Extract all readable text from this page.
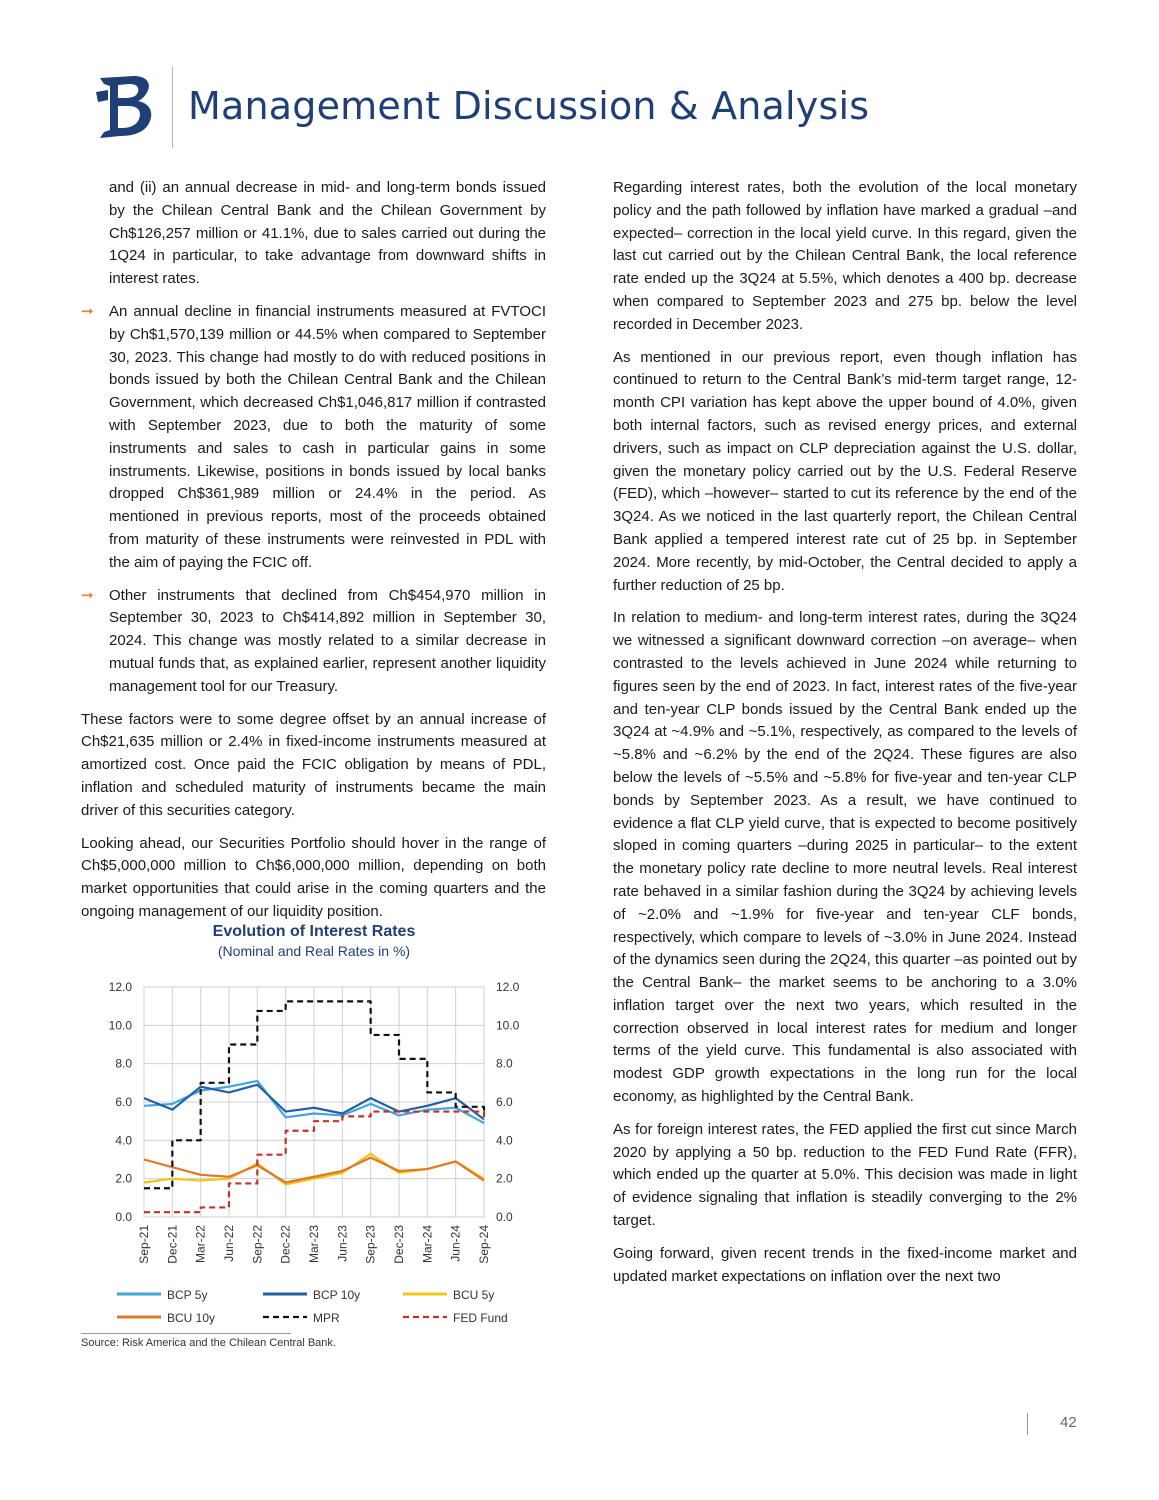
Management Discussion & Analysis

and (ii) an annual decrease in mid- and long-term bonds issued by the Chilean Central Bank and the Chilean Government by Ch$126,257 million or 41.1%, due to sales carried out during the 1Q24 in particular, to take advantage from downward shifts in interest rates.

➞ An annual decline in financial instruments measured at FVTOCI by Ch$1,570,139 million or 44.5% when compared to September 30, 2023. This change had mostly to do with reduced positions in bonds issued by both the Chilean Central Bank and the Chilean Government, which decreased Ch$1,046,817 million if contrasted with September 2023, due to both the maturity of some instruments and sales to cash in particular gains in some instruments. Likewise, positions in bonds issued by local banks dropped Ch$361,989 million or 24.4% in the period. As mentioned in previous reports, most of the proceeds obtained from maturity of these instruments were reinvested in PDL with the aim of paying the FCIC off.

➞ Other instruments that declined from Ch$454,970 million in September 30, 2023 to Ch$414,892 million in September 30, 2024. This change was mostly related to a similar decrease in mutual funds that, as explained earlier, represent another liquidity management tool for our Treasury.

These factors were to some degree offset by an annual increase of Ch$21,635 million or 2.4% in fixed-income instruments measured at amortized cost. Once paid the FCIC obligation by means of PDL, inflation and scheduled maturity of instruments became the main driver of this securities category.

Looking ahead, our Securities Portfolio should hover in the range of Ch$5,000,000 million to Ch$6,000,000 million, depending on both market opportunities that could arise in the coming quarters and the ongoing management of our liquidity position.

Evolution of Interest Rates
(Nominal and Real Rates in %)
0.0
2.0
4.0
6.0
8.0
10.0
12.0
0.0
2.0
4.0
6.0
8.0
10.0
12.0
Sep-21 Dec-21 Mar-22 Jun-22 Sep-22 Dec-22 Mar-23 Jun-23 Sep-23 Dec-23 Mar-24 Jun-24 Sep-24
BCP 5y	BCP 10y	BCU 5y
BCU 10y	MPR	FED Fund
Source: Risk America and the Chilean Central Bank.

Regarding interest rates, both the evolution of the local monetary policy and the path followed by inflation have marked a gradual –and expected– correction in the local yield curve. In this regard, given the last cut carried out by the Chilean Central Bank, the local reference rate ended up the 3Q24 at 5.5%, which denotes a 400 bp. decrease when compared to September 2023 and 275 bp. below the level recorded in December 2023.

As mentioned in our previous report, even though inflation has continued to return to the Central Bank’s mid-term target range, 12-month CPI variation has kept above the upper bound of 4.0%, given both internal factors, such as revised energy prices, and external drivers, such as impact on CLP depreciation against the U.S. dollar, given the monetary policy carried out by the U.S. Federal Reserve (FED), which –however– started to cut its reference by the end of the 3Q24. As we noticed in the last quarterly report, the Chilean Central Bank applied a tempered interest rate cut of 25 bp. in September 2024. More recently, by mid-October, the Central decided to apply a further reduction of 25 bp.

In relation to medium- and long-term interest rates, during the 3Q24 we witnessed a significant downward correction –on average– when contrasted to the levels achieved in June 2024 while returning to figures seen by the end of 2023. In fact, interest rates of the five-year and ten-year CLP bonds issued by the Central Bank ended up the 3Q24 at ~4.9% and ~5.1%, respectively, as compared to the levels of ~5.8% and ~6.2% by the end of the 2Q24. These figures are also below the levels of ~5.5% and ~5.8% for five-year and ten-year CLP bonds by September 2023. As a result, we have continued to evidence a flat CLP yield curve, that is expected to become positively sloped in coming quarters –during 2025 in particular– to the extent the monetary policy rate decline to more neutral levels. Real interest rate behaved in a similar fashion during the 3Q24 by achieving levels of ~2.0% and ~1.9% for five-year and ten-year CLF bonds, respectively, which compare to levels of ~3.0% in June 2024. Instead of the dynamics seen during the 2Q24, this quarter –as pointed out by the Central Bank– the market seems to be anchoring to a 3.0% inflation target over the next two years, which resulted in the correction observed in local interest rates for medium and longer terms of the yield curve. This fundamental is also associated with modest GDP growth expectations in the long run for the local economy, as highlighted by the Central Bank.

As for foreign interest rates, the FED applied the first cut since March 2020 by applying a 50 bp. reduction to the FED Fund Rate (FFR), which ended up the quarter at 5.0%. This decision was made in light of evidence signaling that inflation is steadily converging to the 2% target.

Going forward, given recent trends in the fixed-income market and updated market expectations on inflation over the next two

42
